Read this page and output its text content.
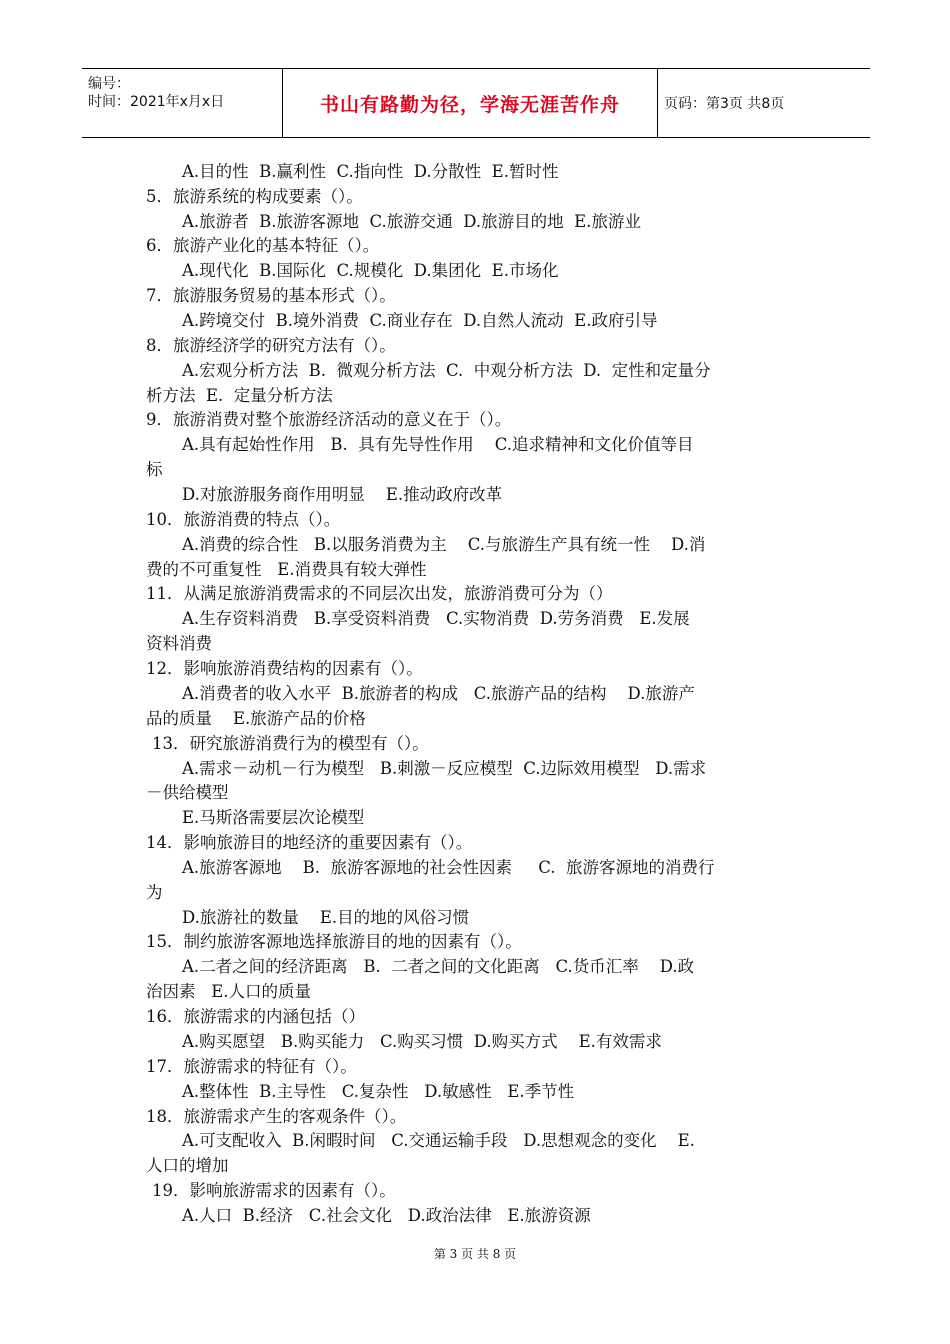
编号：
时间：2021年x月x日	书山有路勤为径，学海无涯苦作舟	页码：第3页 共8页
A.目的性  B.赢利性  C.指向性  D.分散性  E.暂时性
5．旅游系统的构成要素（）。
A.旅游者  B.旅游客源地  C.旅游交通  D.旅游目的地  E.旅游业
6．旅游产业化的基本特征（）。
A.现代化  B.国际化  C.规模化  D.集团化  E.市场化
7．旅游服务贸易的基本形式（）。
A.跨境交付  B.境外消费  C.商业存在  D.自然人流动  E.政府引导
8．旅游经济学的研究方法有（）。
A.宏观分析方法  B.  微观分析方法  C.  中观分析方法  D.  定性和定量分
析方法  E.  定量分析方法
9．旅游消费对整个旅游经济活动的意义在于（）。
A.具有起始性作用   B.  具有先导性作用    C.追求精神和文化价值等目
标
D.对旅游服务商作用明显    E.推动政府改革
10．旅游消费的特点（）。
A.消费的综合性   B.以服务消费为主    C.与旅游生产具有统一性    D.消
费的不可重复性   E.消费具有较大弹性
11．从满足旅游消费需求的不同层次出发，旅游消费可分为（）
A.生存资料消费   B.享受资料消费   C.实物消费  D.劳务消费   E.发展
资料消费
12．影响旅游消费结构的因素有（）。
A.消费者的收入水平  B.旅游者的构成   C.旅游产品的结构    D.旅游产
品的质量    E.旅游产品的价格
13．研究旅游消费行为的模型有（）。
A.需求－动机－行为模型   B.刺激－反应模型  C.边际效用模型   D.需求
－供给模型
E.马斯洛需要层次论模型
14．影响旅游目的地经济的重要因素有（）。
A.旅游客源地    B.  旅游客源地的社会性因素     C.  旅游客源地的消费行
为
D.旅游社的数量    E.目的地的风俗习惯
15．制约旅游客源地选择旅游目的地的因素有（）。
A.二者之间的经济距离   B.  二者之间的文化距离   C.货币汇率    D.政
治因素   E.人口的质量
16．旅游需求的内涵包括（）
A.购买愿望   B.购买能力   C.购买习惯  D.购买方式    E.有效需求
17．旅游需求的特征有（）。
A.整体性  B.主导性   C.复杂性   D.敏感性   E.季节性
18．旅游需求产生的客观条件（）。
A.可支配收入  B.闲暇时间   C.交通运输手段   D.思想观念的变化    E.
人口的增加
19．影响旅游需求的因素有（）。
A.人口  B.经济   C.社会文化   D.政治法律   E.旅游资源
第 3 页 共 8 页
